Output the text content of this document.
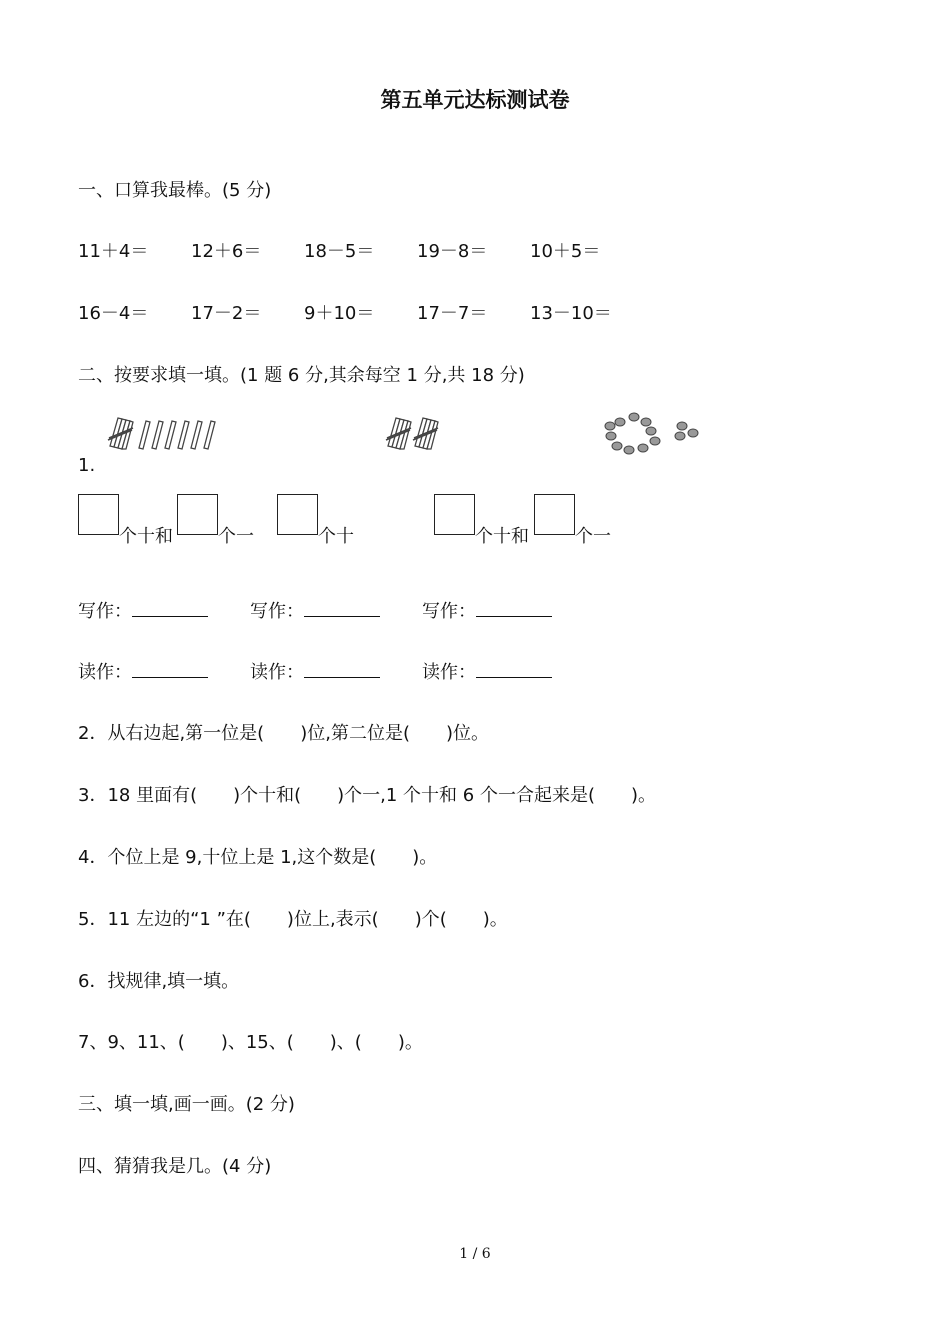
第五单元达标测试卷
一、口算我最棒。(5 分)
11＋4＝ 12＋6＝ 18－5＝ 19－8＝ 10＋5＝
16－4＝ 17－2＝ 9＋10＝ 17－7＝ 13－10＝
二、按要求填一填。(1 题 6 分,其余每空 1 分,共 18 分)
1.
个十和	个一	个十	个十和	个一
写作：	写作：	写作：
读作：	读作：	读作：
2．从右边起,第一位是(　　)位,第二位是(　　)位。
3．18 里面有(　　)个十和(　　)个一,1 个十和 6 个一合起来是(　　)。
4．个位上是 9,十位上是 1,这个数是(　　)。
5．11 左边的“1 ”在(　　)位上,表示(　　)个(　　)。
6．找规律,填一填。
7、9、11、(　　)、15、(　　)、(　　)。
三、填一填,画一画。(2 分)
四、猜猜我是几。(4 分)
1 / 6
